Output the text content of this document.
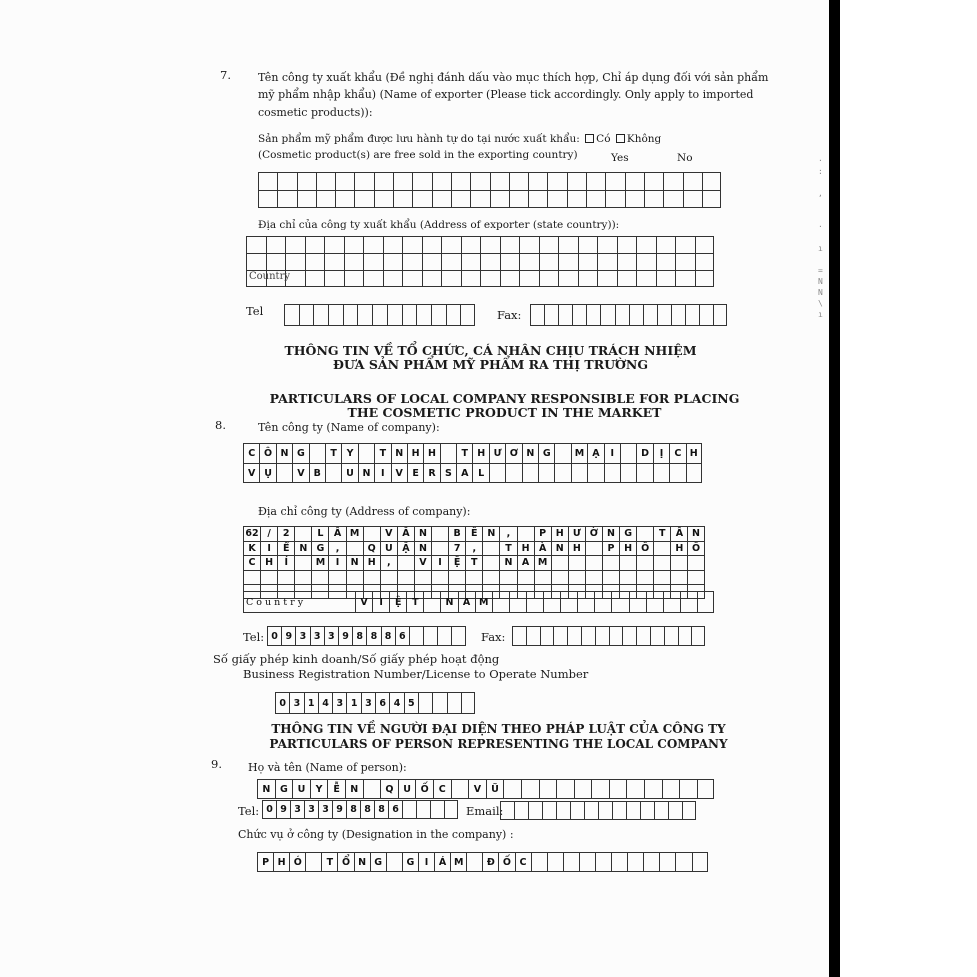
·
:

,

·

ı

=
N
N
\
ı
7. Tên công ty xuất khẩu (Đề nghị đánh dấu vào mục thích hợp, Chỉ áp dụng đối với sản phẩm
mỹ phẩm nhập khẩu) (Name of exporter (Please tick accordingly. Only apply to imported
cosmetic products)):
Sản phẩm mỹ phẩm được lưu hành tự do tại nước xuất khẩu: Có Không
(Cosmetic product(s) are free sold in the exporting country)	Yes	No
Địa chỉ của công ty xuất khẩu (Address of exporter (state country)):
Country
Tel	Fax:
THÔNG TIN VỀ TỔ CHỨC, CÁ NHÂN CHỊU TRÁCH NHIỆM
ĐƯA SẢN PHẨM MỸ PHẨM RA THỊ TRƯỜNG
PARTICULARS OF LOCAL COMPANY RESPONSIBLE FOR PLACING
THE COSMETIC PRODUCT IN THE MARKET
8.	Tên công ty (Name of company):
C Ô N G	T	Y	T N H H	T H Ư Ơ N G	M Ạ	I	D	Ị	C H
V Ụ	V B	U N	I	V E R S A	L
Địa chỉ công ty (Address of company):
62 /	2	L	Â M	V	Ă N	B	Ề	N	,	P	H Ư Ờ N G	T	Â N
K	I	Ể	N G	,	Q U	Ậ N	7	,	T	H À N H	P	H Ố	H Ồ
C	H	Í	M	I	N H	,	V	I	Ệ	T	N A M
C o u n t r y	V	I	Ệ	T	N A M
Tel: 0 9 3 3 3 9 8 8 8 6	Fax:
Số giấy phép kinh doanh/Số giấy phép hoạt động
Business Registration Number/License to Operate Number
0 3 1 4 3 1 3 6 4 5
THÔNG TIN VỀ NGƯỜI ĐẠI DIỆN THEO PHÁP LUẬT CỦA CÔNG TY
PARTICULARS OF PERSON REPRESENTING THE LOCAL COMPANY
9. Họ và tên (Name of person):
N	G	U	Y	Ễ	N	Q	U	Ố	C	V	Ũ
Tel: 0 9 3 3 3 9 8 8 8 6	Email:
Chức vụ ở công ty (Designation in the company) :
P H Ó	T Ổ N G	G	I	Á M	Đ Ố C
